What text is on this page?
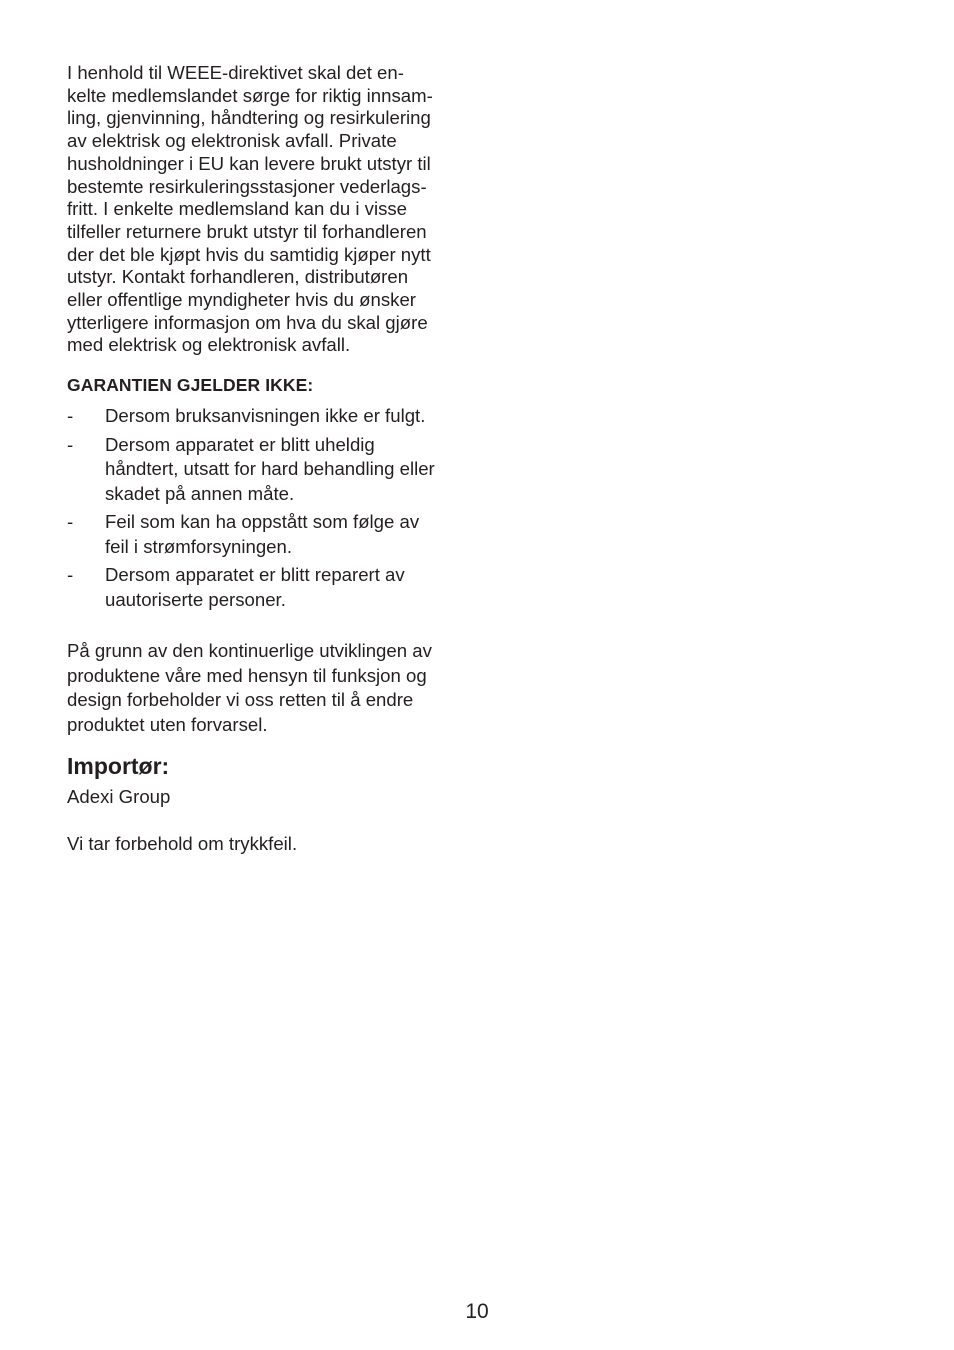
I henhold til WEEE-direktivet skal det en-

kelte medlemslandet sørge for riktig innsam-

ling, gjenvinning, håndtering og resirkulering

av elektrisk og elektronisk avfall. Private

husholdninger i EU kan levere brukt utstyr til

bestemte resirkuleringsstasjoner vederlags-

fritt. I enkelte medlemsland kan du i visse

tilfeller returnere brukt utstyr til forhandleren

der det ble kjøpt hvis du samtidig kjøper nytt

utstyr. Kontakt forhandleren, distributøren

eller offentlige myndigheter hvis du ønsker

ytterligere informasjon om hva du skal gjøre

med elektrisk og elektronisk avfall.

GARANTIEN GJELDER IKKE:
- Dersom bruksanvisningen ikke er fulgt.
- Dersom apparatet er blitt uheldig
håndtert, utsatt for hard behandling eller
skadet på annen måte.
- Feil som kan ha oppstått som følge av
feil i strømforsyningen.
- Dersom apparatet er blitt reparert av
uautoriserte personer.
På grunn av den kontinuerlige utviklingen av
produktene våre med hensyn til funksjon og
design forbeholder vi oss retten til å endre
produktet uten forvarsel.
Importør:

Adexi Group

Vi tar forbehold om trykkfeil.

10
